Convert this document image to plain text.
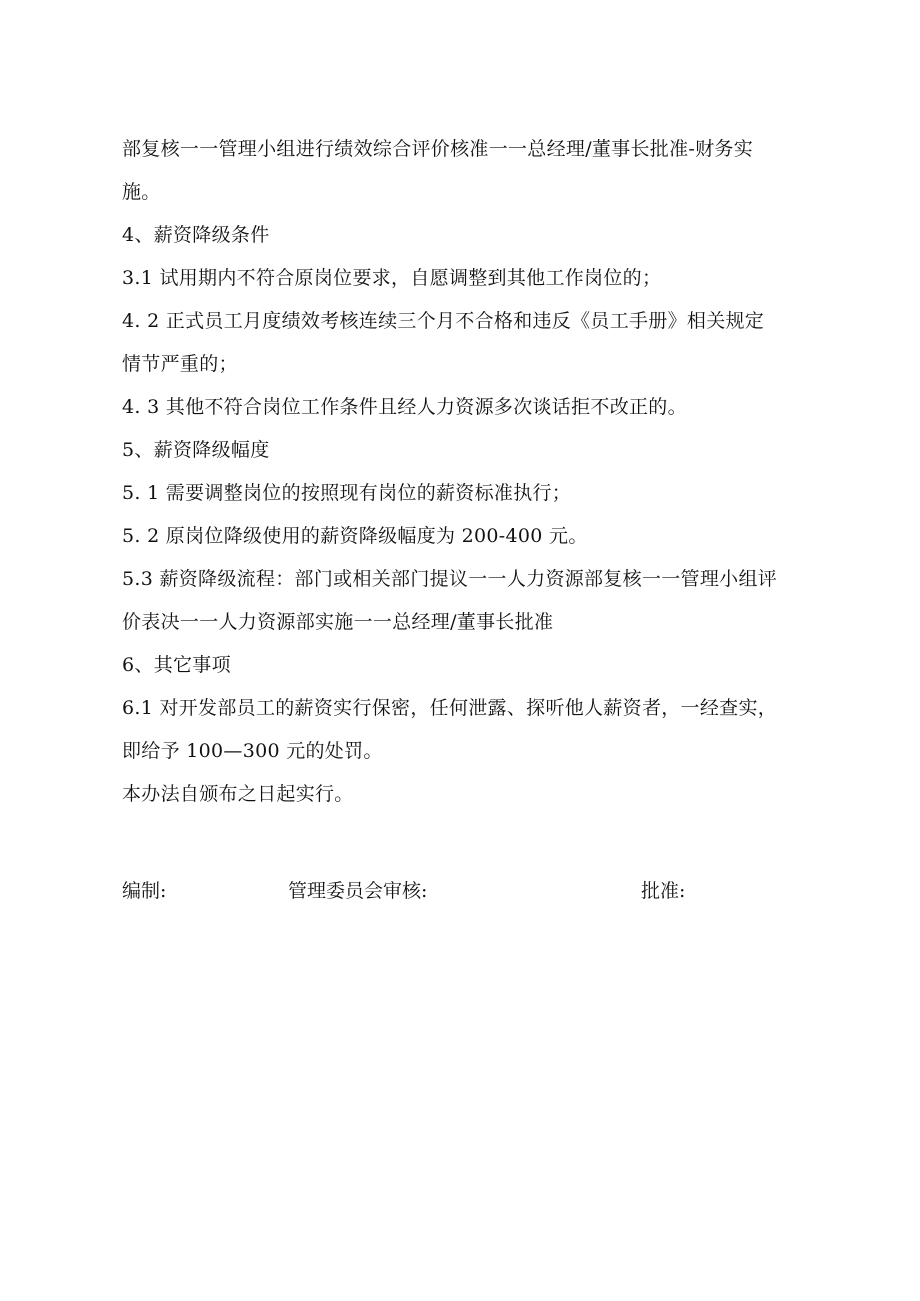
部复核一一管理小组进行绩效综合评价核准一一总经理/董事长批准-财务实
施。
4、薪资降级条件
3.1 试用期内不符合原岗位要求，自愿调整到其他工作岗位的；
4. 2 正式员工月度绩效考核连续三个月不合格和违反《员工手册》相关规定
情节严重的；
4. 3 其他不符合岗位工作条件且经人力资源多次谈话拒不改正的。
5、薪资降级幅度
5. 1 需要调整岗位的按照现有岗位的薪资标准执行；
5. 2 原岗位降级使用的薪资降级幅度为 200-400 元。
5.3 薪资降级流程：部门或相关部门提议一一人力资源部复核一一管理小组评
价表决一一人力资源部实施一一总经理/董事长批准
6、其它事项
6.1 对开发部员工的薪资实行保密，任何泄露、探听他人薪资者，一经查实，
即给予 100—300 元的处罚。
本办法自颁布之日起实行。
编制:	管理委员会审核:	批准:
